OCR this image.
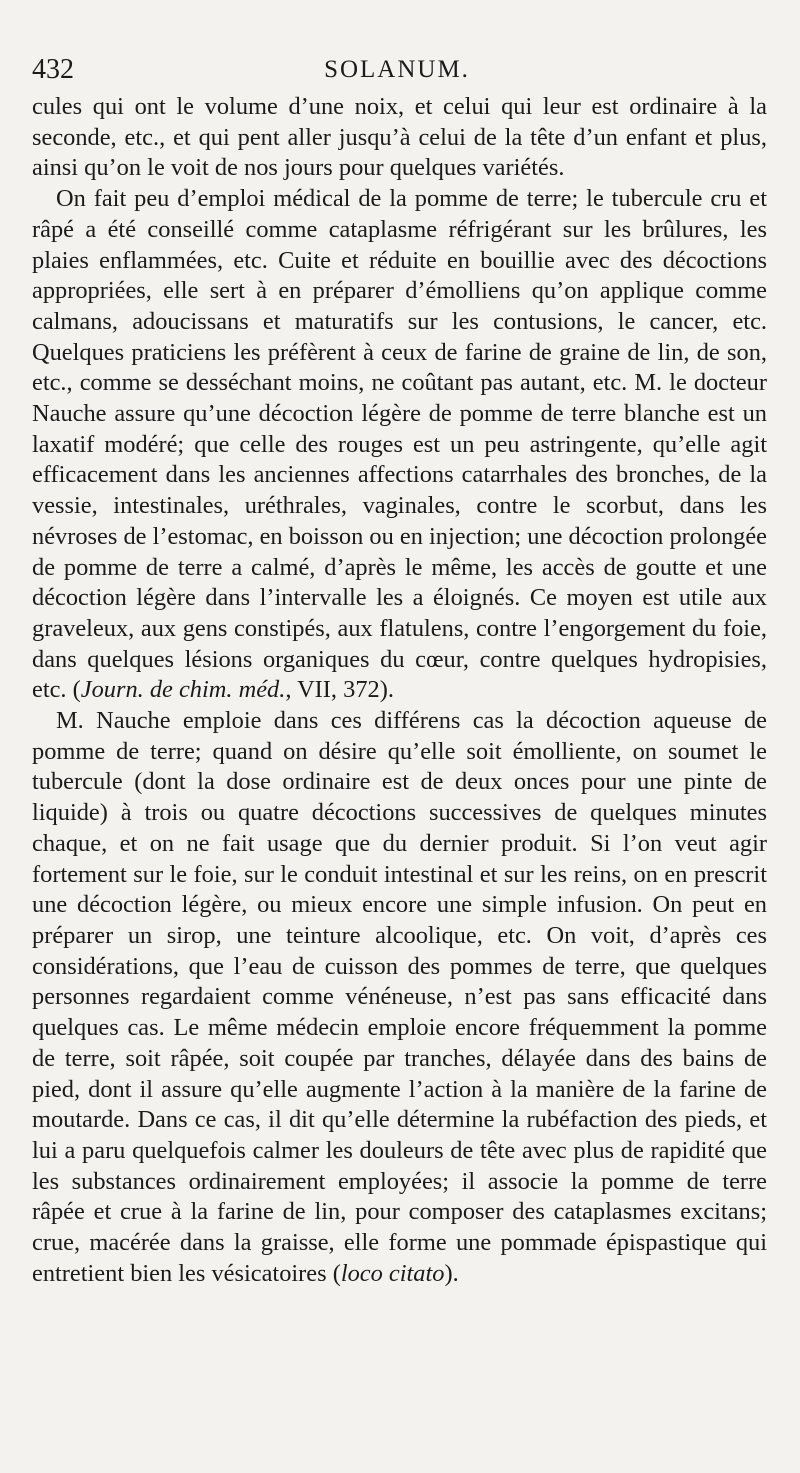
432	SOLANUM.

cules qui ont le volume d’une noix, et celui qui leur est ordinaire à la seconde, etc., et qui pent aller jusqu’à celui de la tête d’un enfant et plus, ainsi qu’on le voit de nos jours pour quelques variétés.

On fait peu d’emploi médical de la pomme de terre; le tubercule cru et râpé a été conseillé comme cataplasme réfrigérant sur les brûlures, les plaies enflammées, etc. Cuite et réduite en bouillie avec des décoctions appropriées, elle sert à en préparer d’émolliens qu’on applique comme calmans, adoucissans et maturatifs sur les contusions, le cancer, etc. Quelques praticiens les préfèrent à ceux de farine de graine de lin, de son, etc., comme se desséchant moins, ne coûtant pas autant, etc. M. le docteur Nauche assure qu’une décoction légère de pomme de terre blanche est un laxatif modéré; que celle des rouges est un peu astringente, qu’elle agit efficacement dans les anciennes affections catarrhales des bronches, de la vessie, intestinales, uréthrales, vaginales, contre le scorbut, dans les névroses de l’estomac, en boisson ou en injection; une décoction prolongée de pomme de terre a calmé, d’après le même, les accès de goutte et une décoction légère dans l’intervalle les a éloignés. Ce moyen est utile aux graveleux, aux gens constipés, aux flatulens, contre l’engorgement du foie, dans quelques lésions organiques du cœur, contre quelques hydropisies, etc. (Journ. de chim. méd., VII, 372).

M. Nauche emploie dans ces différens cas la décoction aqueuse de pomme de terre; quand on désire qu’elle soit émolliente, on soumet le tubercule (dont la dose ordinaire est de deux onces pour une pinte de liquide) à trois ou quatre décoctions successives de quelques minutes chaque, et on ne fait usage que du dernier produit. Si l’on veut agir fortement sur le foie, sur le conduit intestinal et sur les reins, on en prescrit une décoction légère, ou mieux encore une simple infusion. On peut en préparer un sirop, une teinture alcoolique, etc. On voit, d’après ces considérations, que l’eau de cuisson des pommes de terre, que quelques personnes regardaient comme vénéneuse, n’est pas sans efficacité dans quelques cas. Le même médecin emploie encore fréquemment la pomme de terre, soit râpée, soit coupée par tranches, délayée dans des bains de pied, dont il assure qu’elle augmente l’action à la manière de la farine de moutarde. Dans ce cas, il dit qu’elle détermine la rubéfaction des pieds, et lui a paru quelquefois calmer les douleurs de tête avec plus de rapidité que les substances ordinairement employées; il associe la pomme de terre râpée et crue à la farine de lin, pour composer des cataplasmes excitans; crue, macérée dans la graisse, elle forme une pommade épispastique qui entretient bien les vésicatoires (loco citato).
